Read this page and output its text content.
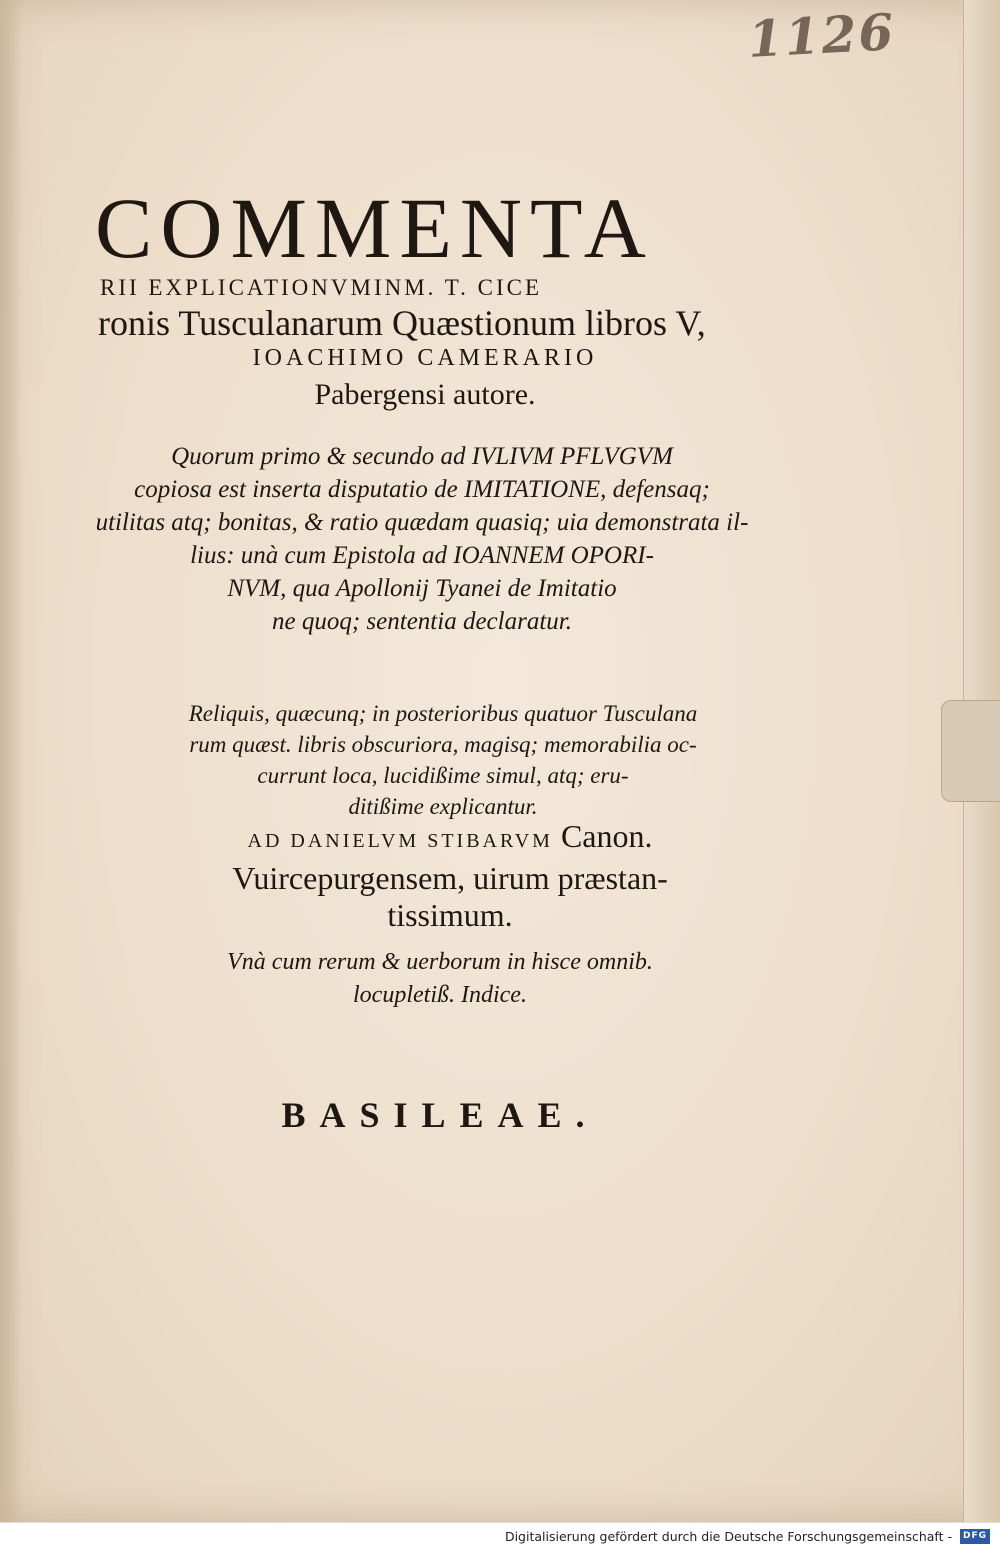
1126
COMMENTA
RII EXPLICATIONVMINM. T. CICE
ronis Tusculanarum Quæstionum libros V,
IOACHIMO CAMERARIO
Pabergensi autore.
Quorum primo & secundo ad IVLIVM PFLVGVM
copiosa est inserta disputatio de IMITATIONE, defensaq;
utilitas atq; bonitas, & ratio quædam quasiq; uia demonstrata il-
lius: unà cum Epistola ad IOANNEM OPORI-
NVM, qua Apollonij Tyanei de Imitatio
ne quoq; sententia declaratur.
Reliquis, quæcunq; in posterioribus quatuor Tusculana
rum quæst. libris obscuriora, magisq; memorabilia oc-
currunt loca, lucidißime simul, atq; eru-
ditißime explicantur.
AD DANIELVM STIBARVM Canon.
Vuircepurgensem, uirum præstan-
tissimum.
Vnà cum rerum & uerborum in hisce omnib.
locupletiß. Indice.
BASILEAE.
Digitalisierung gefördert durch die Deutsche Forschungsgemeinschaft -	DFG
